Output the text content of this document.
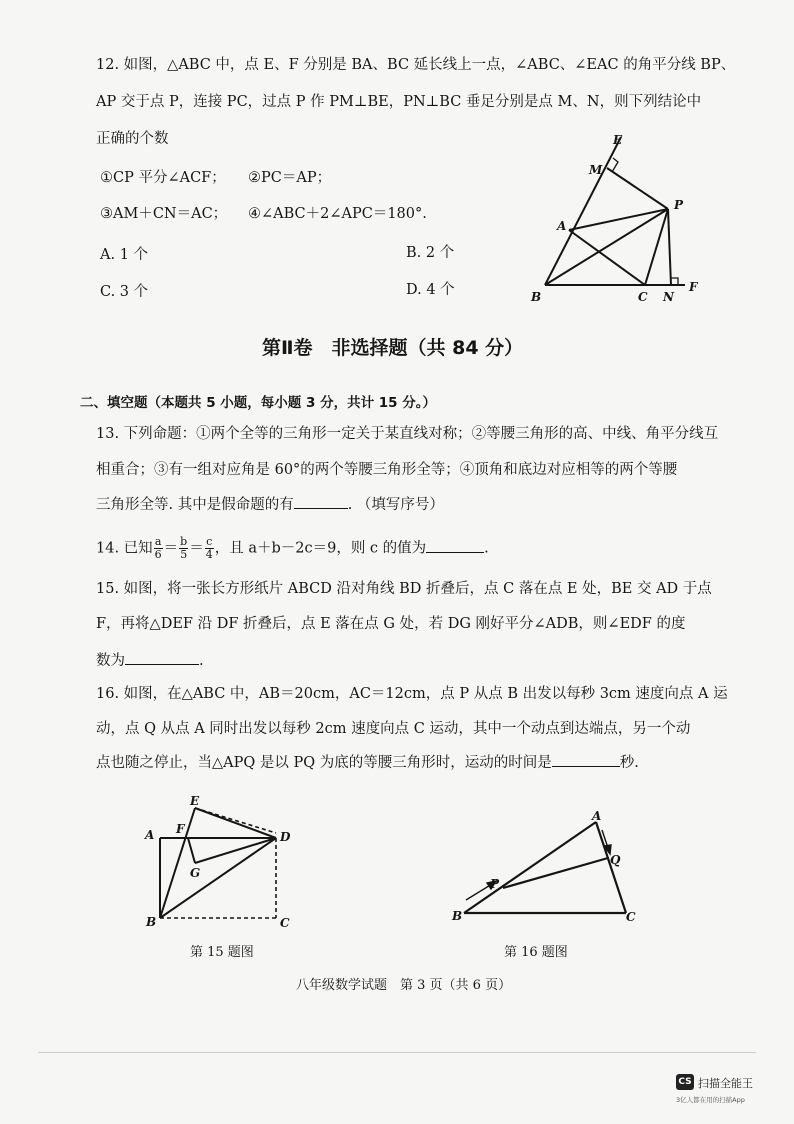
12. 如图，△ABC 中，点 E、F 分别是 BA、BC 延长线上一点，∠ABC、∠EAC 的角平分线 BP、
AP 交于点 P，连接 PC，过点 P 作 PM⊥BE，PN⊥BC 垂足分别是点 M、N，则下列结论中
正确的个数
①CP 平分∠ACF； ②PC＝AP；
③AM＋CN＝AC； ④∠ABC＋2∠APC＝180°.
A. 1 个	B. 2 个
C. 3 个	D. 4 个
E
M
P
A
B	C N
F
第Ⅱ卷　非选择题（共 84 分）
二、填空题（本题共 5 小题，每小题 3 分，共计 15 分。）
13. 下列命题：①两个全等的三角形一定关于某直线对称；②等腰三角形的高、中线、角平分线互
相重合；③有一组对应角是 60°的两个等腰三角形全等；④顶角和底边对应相等的两个等腰
三角形全等. 其中是假命题的有	. （填写序号）
14. 已知 $\frac{a}{6} = \frac{b}{5} = \frac{c}{4}$ ，且 a＋b－2c＝9，则 c 的值为	.
15. 如图，将一张长方形纸片 ABCD 沿对角线 BD 折叠后，点 C 落在点 E 处，BE 交 AD 于点
F，再将△DEF 沿 DF 折叠后，点 E 落在点 G 处，若 DG 刚好平分∠ADB，则∠EDF 的度
数为	.
16. 如图，在△ABC 中，AB＝20cm，AC＝12cm，点 P 从点 B 出发以每秒 3cm 速度向点 A 运
动，点 Q 从点 A 同时出发以每秒 2cm 速度向点 C 运动，其中一个动点到达端点，另一个动
点也随之停止，当△APQ 是以 PQ 为底的等腰三角形时，运动的时间是	秒.
E
A F
D
G
B	C
第 15 题图
A
Q
P
B	C
第 16 题图
八年级数学试题　第 3 页（共 6 页）
CS 扫描全能王
3亿人都在用的扫描App
